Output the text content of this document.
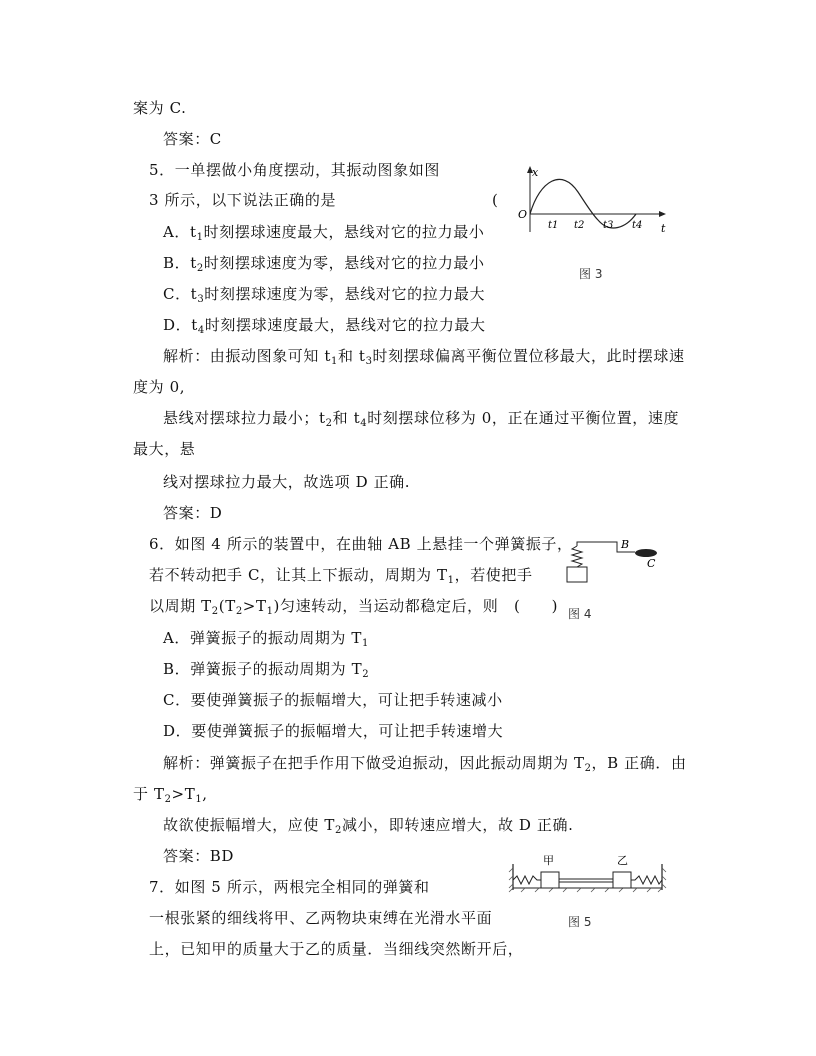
案为 C.
答案：C
5．一单摆做小角度摆动，其振动图象如图
3 所示，以下说法正确的是	(
A．$t_1$时刻摆球速度最大，悬线对它的拉力最小
B．$t_2$时刻摆球速度为零，悬线对它的拉力最小
C．$t_3$时刻摆球速度为零，悬线对它的拉力最大
D．$t_4$时刻摆球速度最大，悬线对它的拉力最大
解析：由振动图象可知 $t_1$和 $t_3$时刻摆球偏离平衡位置位移最大，此时摆球速
度为 0,
悬线对摆球拉力最小；$t_2$和 $t_4$时刻摆球位移为 0，正在通过平衡位置，速度
最大，悬
线对摆球拉力最大，故选项 D 正确.
答案：D
6．如图 4 所示的装置中，在曲轴 AB 上悬挂一个弹簧振子，
若不转动把手 C，让其上下振动，周期为 $T_1$，若使把手
以周期 $T_2(T_2>T_1)$匀速转动，当运动都稳定后，则　(　　)
A．弹簧振子的振动周期为 $T_1$
B．弹簧振子的振动周期为 $T_2$
C．要使弹簧振子的振幅增大，可让把手转速减小
D．要使弹簧振子的振幅增大，可让把手转速增大
解析：弹簧振子在把手作用下做受迫振动，因此振动周期为 $T_2$，B 正确．由
于 $T_2>T_1$,
故欲使振幅增大，应使 $T_2$减小，即转速应增大，故 D 正确.
答案：BD
7．如图 5 所示，两根完全相同的弹簧和
一根张紧的细线将甲、乙两物块束缚在光滑水平面
上，已知甲的质量大于乙的质量．当细线突然断开后，
x
t
O
t1 t2 t3 t4
图 3
B
C
图 4
甲	乙
图 5
